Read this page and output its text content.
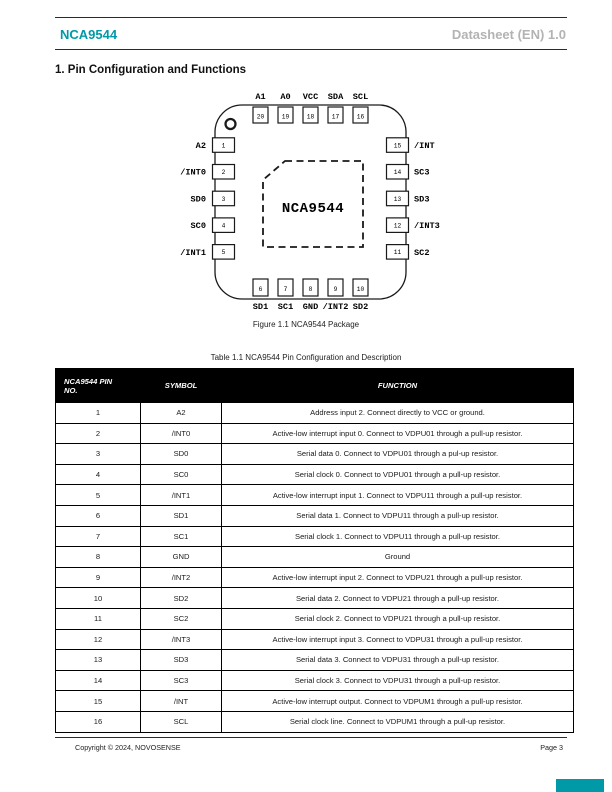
NCA9544	Datasheet (EN) 1.0
1. Pin Configuration and Functions
NCA9544
20
A1
19
A0
18
VCC
17
SDA
16
SCL
6
SD1
7
SC1
8
GND
9
/INT2
10
SD2
1
A2
2
/INT0
3
SD0
4
SC0
5
/INT1
15 /INT
14 SC3
13 SD3
12 /INT3
11 SC2
Figure 1.1 NCA9544 Package
Table 1.1 NCA9544 Pin Configuration and Description
NCA9544 PIN
NO.	SYMBOL	FUNCTION
1	A2	Address input 2. Connect directly to VCC or ground.
2	/INT0	Active-low interrupt input 0. Connect to VDPU01 through a pull-up resistor.
3	SD0	Serial data 0. Connect to VDPU01 through a pul-up resistor.
4	SC0	Serial clock 0. Connect to VDPU01 through a pull-up resistor.
5	/INT1	Active-low interrupt input 1. Connect to VDPU11 through a pull-up resistor.
6	SD1	Serial data 1. Connect to VDPU11 through a pull-up resistor.
7	SC1	Serial clock 1. Connect to VDPU11 through a pull-up resistor.
8	GND	Ground
9	/INT2	Active-low interrupt input 2. Connect to VDPU21 through a pull-up resistor.
10	SD2	Serial data 2. Connect to VDPU21 through a pull-up resistor.
11	SC2	Serial clock 2. Connect to VDPU21 through a pull-up resistor.
12	/INT3	Active-low interrupt input 3. Connect to VDPU31 through a pull-up resistor.
13	SD3	Serial data 3. Connect to VDPU31 through a pull-up resistor.
14	SC3	Serial clock 3. Connect to VDPU31 through a pull-up resistor.
15	/INT	Active-low interrupt output. Connect to VDPUM1 through a pull-up resistor.
16	SCL	Serial clock line. Connect to VDPUM1 through a pull-up resistor.
Copyright © 2024, NOVOSENSE	Page 3
